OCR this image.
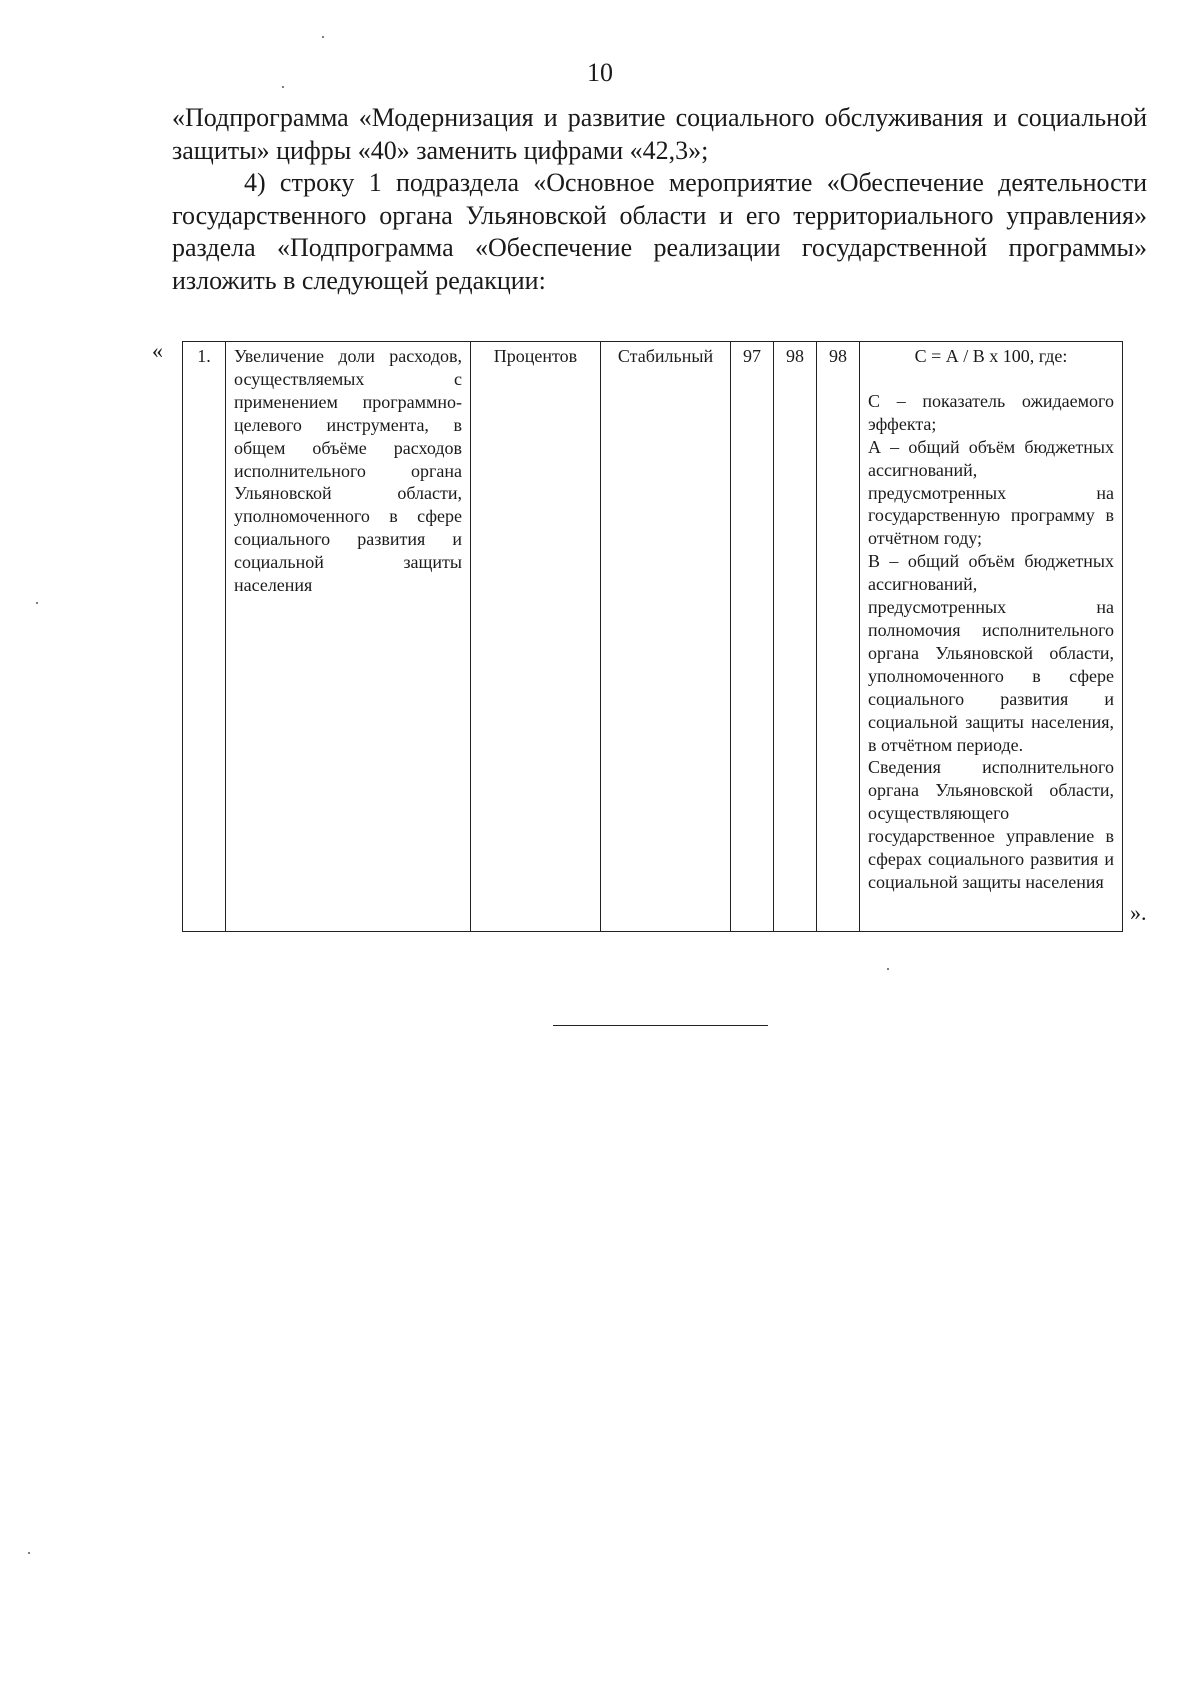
10

«Подпрограмма «Модернизация и развитие социального обслуживания и социальной защиты» цифры «40» заменить цифрами «42,3»;

4) строку 1 подраздела «Основное мероприятие «Обеспечение деятельности государственного органа Ульяновской области и его территориального управления» раздела «Подпрограмма «Обеспечение реализации государственной программы» изложить в следующей редакции:

« 1.	Увеличение доли расходов, осуществляемых с применением программно-целевого инструмента, в общем объёме расходов исполнительного органа Ульяновской области, уполномоченного в сфере социального развития и социальной защиты населения	Процентов	Стабильный	97	98	98	С = А / В х 100, где:
С – показатель ожидаемого эффекта;
А – общий объём бюджетных ассигнований, предусмотренных на государственную программу в отчётном году;
В – общий объём бюджетных ассигнований, предусмотренных на полномочия исполнительного органа Ульяновской области, уполномоченного в сфере социального развития и социальной защиты населения, в отчётном периоде.
Сведения исполнительного органа Ульяновской области, осуществляющего государственное управление в сферах социального развития и социальной защиты населения
».
